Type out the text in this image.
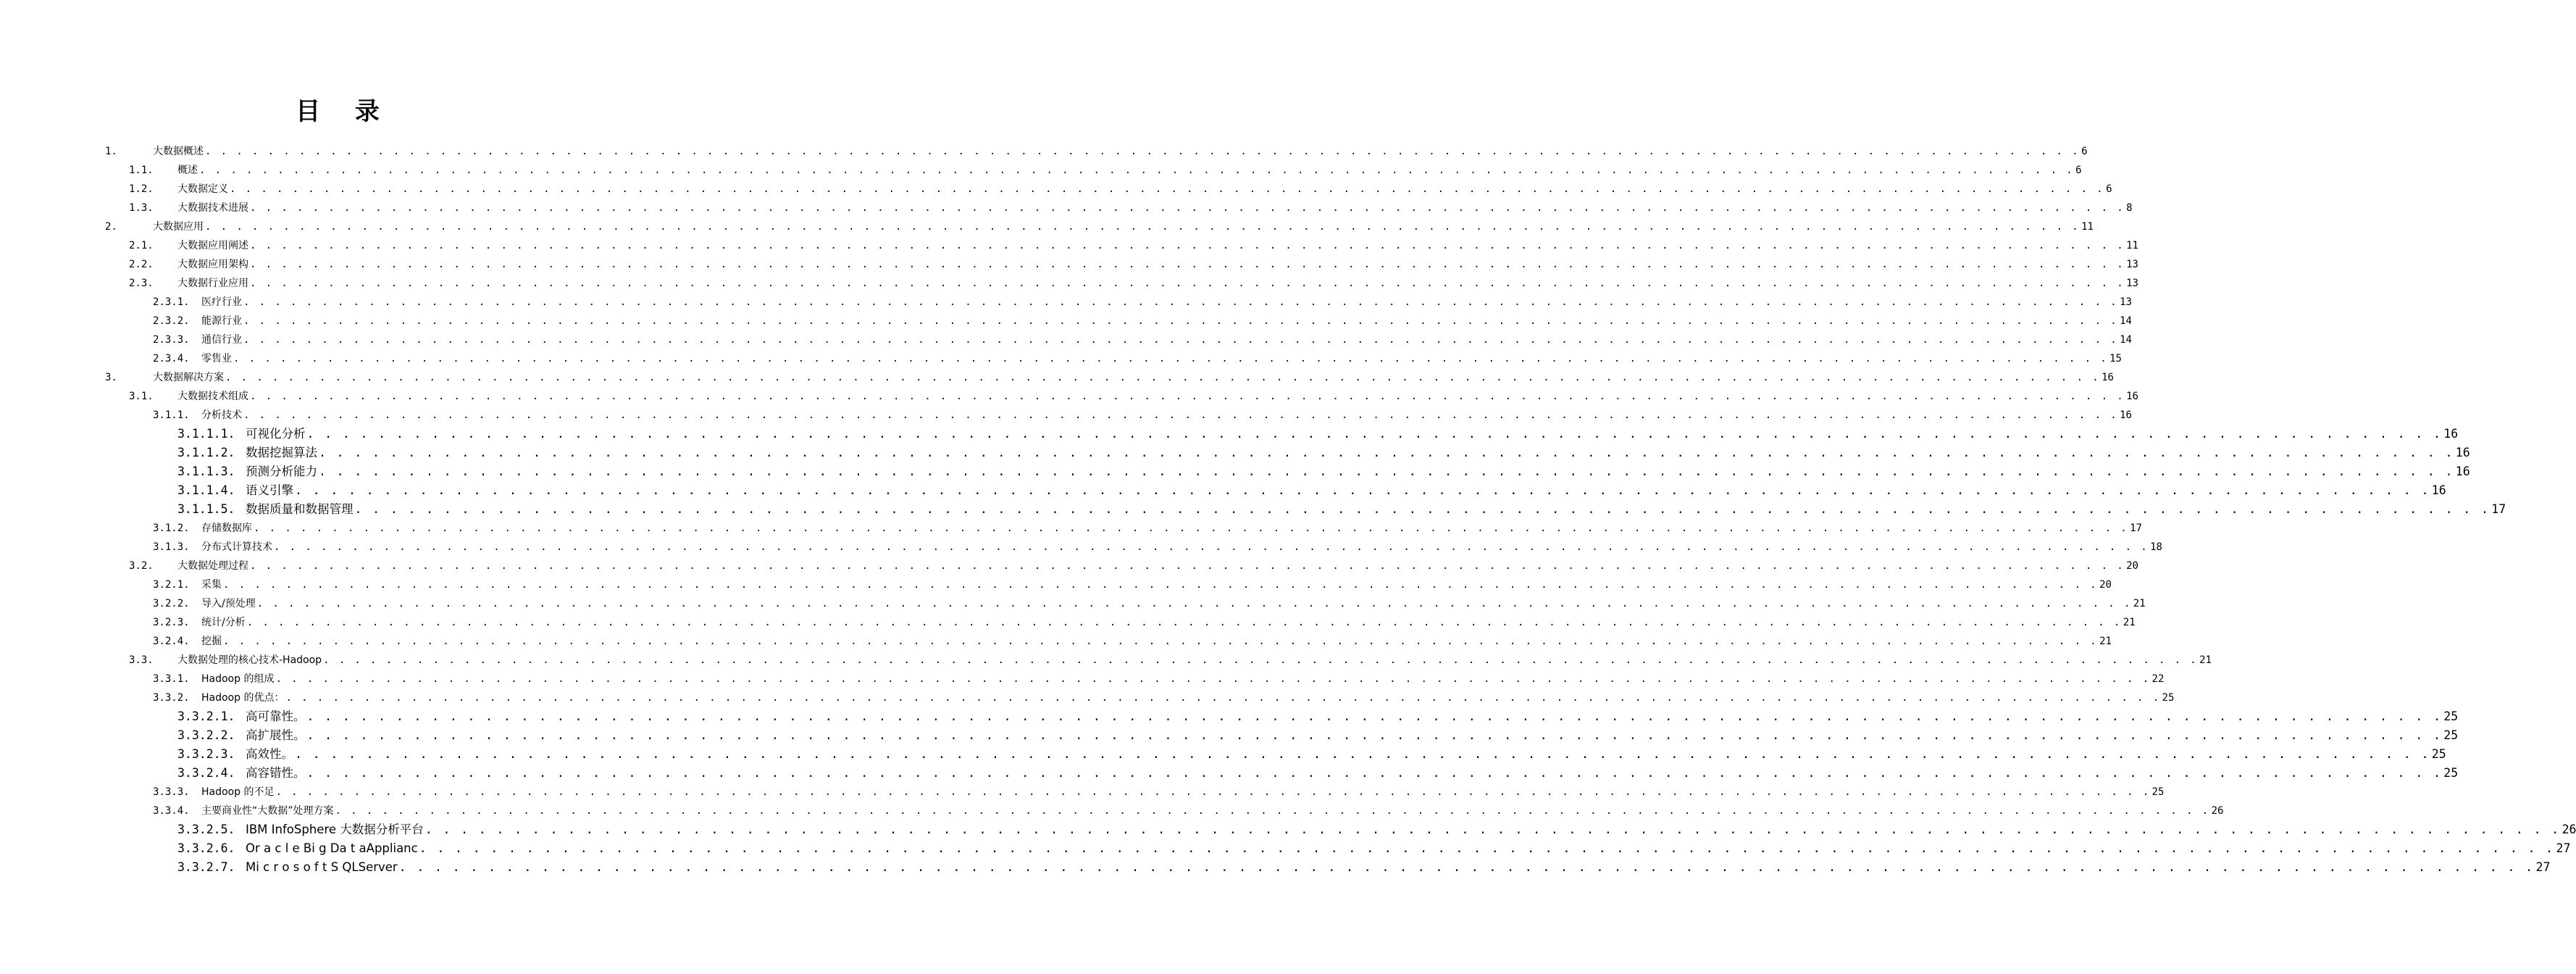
目 录
1.	大数据概述 . . . . . . . . . . . . . . . . . . . . . . . . . . . . . . . . . . . . . . . . . . . . . . . . . . . . . . . . . . . . . . . . . . . . . . . . . . . . . . . . . . . . . . . . . . . . . . . . . . . . . . . . . . . . . . . . . . . . . . . . 6
1.1.	概述 . . . . . . . . . . . . . . . . . . . . . . . . . . . . . . . . . . . . . . . . . . . . . . . . . . . . . . . . . . . . . . . . . . . . . . . . . . . . . . . . . . . . . . . . . . . . . . . . . . . . . . . . . . . . . . . . . . . . . . . . 6
1.2.	大数据定义 . . . . . . . . . . . . . . . . . . . . . . . . . . . . . . . . . . . . . . . . . . . . . . . . . . . . . . . . . . . . . . . . . . . . . . . . . . . . . . . . . . . . . . . . . . . . . . . . . . . . . . . . . . . . . . . . . . . . . . . . 6
1.3.	大数据技术进展 . . . . . . . . . . . . . . . . . . . . . . . . . . . . . . . . . . . . . . . . . . . . . . . . . . . . . . . . . . . . . . . . . . . . . . . . . . . . . . . . . . . . . . . . . . . . . . . . . . . . . . . . . . . . . . . . . . . . . . . . 8
2.	大数据应用 . . . . . . . . . . . . . . . . . . . . . . . . . . . . . . . . . . . . . . . . . . . . . . . . . . . . . . . . . . . . . . . . . . . . . . . . . . . . . . . . . . . . . . . . . . . . . . . . . . . . . . . . . . . . . . . . . . . . . . . . 11
2.1.	大数据应用阐述 . . . . . . . . . . . . . . . . . . . . . . . . . . . . . . . . . . . . . . . . . . . . . . . . . . . . . . . . . . . . . . . . . . . . . . . . . . . . . . . . . . . . . . . . . . . . . . . . . . . . . . . . . . . . . . . . . . . . . . . . 11
2.2.	大数据应用架构 . . . . . . . . . . . . . . . . . . . . . . . . . . . . . . . . . . . . . . . . . . . . . . . . . . . . . . . . . . . . . . . . . . . . . . . . . . . . . . . . . . . . . . . . . . . . . . . . . . . . . . . . . . . . . . . . . . . . . . . . 13
2.3.	大数据行业应用 . . . . . . . . . . . . . . . . . . . . . . . . . . . . . . . . . . . . . . . . . . . . . . . . . . . . . . . . . . . . . . . . . . . . . . . . . . . . . . . . . . . . . . . . . . . . . . . . . . . . . . . . . . . . . . . . . . . . . . . . 13
2.3.1.	医疗行业 . . . . . . . . . . . . . . . . . . . . . . . . . . . . . . . . . . . . . . . . . . . . . . . . . . . . . . . . . . . . . . . . . . . . . . . . . . . . . . . . . . . . . . . . . . . . . . . . . . . . . . . . . . . . . . . . . . . . . . . . 13
2.3.2.	能源行业 . . . . . . . . . . . . . . . . . . . . . . . . . . . . . . . . . . . . . . . . . . . . . . . . . . . . . . . . . . . . . . . . . . . . . . . . . . . . . . . . . . . . . . . . . . . . . . . . . . . . . . . . . . . . . . . . . . . . . . . . 14
2.3.3.	通信行业 . . . . . . . . . . . . . . . . . . . . . . . . . . . . . . . . . . . . . . . . . . . . . . . . . . . . . . . . . . . . . . . . . . . . . . . . . . . . . . . . . . . . . . . . . . . . . . . . . . . . . . . . . . . . . . . . . . . . . . . . 14
2.3.4.	零售业 . . . . . . . . . . . . . . . . . . . . . . . . . . . . . . . . . . . . . . . . . . . . . . . . . . . . . . . . . . . . . . . . . . . . . . . . . . . . . . . . . . . . . . . . . . . . . . . . . . . . . . . . . . . . . . . . . . . . . . . . 15
3.	大数据解决方案 . . . . . . . . . . . . . . . . . . . . . . . . . . . . . . . . . . . . . . . . . . . . . . . . . . . . . . . . . . . . . . . . . . . . . . . . . . . . . . . . . . . . . . . . . . . . . . . . . . . . . . . . . . . . . . . . . . . . . . . . 16
3.1.	大数据技术组成 . . . . . . . . . . . . . . . . . . . . . . . . . . . . . . . . . . . . . . . . . . . . . . . . . . . . . . . . . . . . . . . . . . . . . . . . . . . . . . . . . . . . . . . . . . . . . . . . . . . . . . . . . . . . . . . . . . . . . . . . 16
3.1.1.	分析技术 . . . . . . . . . . . . . . . . . . . . . . . . . . . . . . . . . . . . . . . . . . . . . . . . . . . . . . . . . . . . . . . . . . . . . . . . . . . . . . . . . . . . . . . . . . . . . . . . . . . . . . . . . . . . . . . . . . . . . . . . 16
3.1.1.1. 可视化分析 . . . . . . . . . . . . . . . . . . . . . . . . . . . . . . . . . . . . . . . . . . . . . . . . . . . . . . . . . . . . . . . . . . . . . . . . . . . . . . . . . . . . . . . . . . . . . . . . . . . . . . . . . . . . . . . . . . . . . . . . 16
3.1.1.2. 数据挖掘算法 . . . . . . . . . . . . . . . . . . . . . . . . . . . . . . . . . . . . . . . . . . . . . . . . . . . . . . . . . . . . . . . . . . . . . . . . . . . . . . . . . . . . . . . . . . . . . . . . . . . . . . . . . . . . . . . . . . . . . . . . 16
3.1.1.3. 预测分析能力 . . . . . . . . . . . . . . . . . . . . . . . . . . . . . . . . . . . . . . . . . . . . . . . . . . . . . . . . . . . . . . . . . . . . . . . . . . . . . . . . . . . . . . . . . . . . . . . . . . . . . . . . . . . . . . . . . . . . . . . . 16
3.1.1.4. 语义引擎 . . . . . . . . . . . . . . . . . . . . . . . . . . . . . . . . . . . . . . . . . . . . . . . . . . . . . . . . . . . . . . . . . . . . . . . . . . . . . . . . . . . . . . . . . . . . . . . . . . . . . . . . . . . . . . . . . . . . . . . . 16
3.1.1.5. 数据质量和数据管理 . . . . . . . . . . . . . . . . . . . . . . . . . . . . . . . . . . . . . . . . . . . . . . . . . . . . . . . . . . . . . . . . . . . . . . . . . . . . . . . . . . . . . . . . . . . . . . . . . . . . . . . . . . . . . . . . . . . . . . . . 17
3.1.2.	存储数据库 . . . . . . . . . . . . . . . . . . . . . . . . . . . . . . . . . . . . . . . . . . . . . . . . . . . . . . . . . . . . . . . . . . . . . . . . . . . . . . . . . . . . . . . . . . . . . . . . . . . . . . . . . . . . . . . . . . . . . . . . 17
3.1.3.	分布式计算技术 . . . . . . . . . . . . . . . . . . . . . . . . . . . . . . . . . . . . . . . . . . . . . . . . . . . . . . . . . . . . . . . . . . . . . . . . . . . . . . . . . . . . . . . . . . . . . . . . . . . . . . . . . . . . . . . . . . . . . . . . 18
3.2.	大数据处理过程 . . . . . . . . . . . . . . . . . . . . . . . . . . . . . . . . . . . . . . . . . . . . . . . . . . . . . . . . . . . . . . . . . . . . . . . . . . . . . . . . . . . . . . . . . . . . . . . . . . . . . . . . . . . . . . . . . . . . . . . . 20
3.2.1.	采集 . . . . . . . . . . . . . . . . . . . . . . . . . . . . . . . . . . . . . . . . . . . . . . . . . . . . . . . . . . . . . . . . . . . . . . . . . . . . . . . . . . . . . . . . . . . . . . . . . . . . . . . . . . . . . . . . . . . . . . . . 20
3.2.2.	导入/预处理 . . . . . . . . . . . . . . . . . . . . . . . . . . . . . . . . . . . . . . . . . . . . . . . . . . . . . . . . . . . . . . . . . . . . . . . . . . . . . . . . . . . . . . . . . . . . . . . . . . . . . . . . . . . . . . . . . . . . . . . . 21
3.2.3.	统计/分析 . . . . . . . . . . . . . . . . . . . . . . . . . . . . . . . . . . . . . . . . . . . . . . . . . . . . . . . . . . . . . . . . . . . . . . . . . . . . . . . . . . . . . . . . . . . . . . . . . . . . . . . . . . . . . . . . . . . . . . . . 21
3.2.4.	挖掘 . . . . . . . . . . . . . . . . . . . . . . . . . . . . . . . . . . . . . . . . . . . . . . . . . . . . . . . . . . . . . . . . . . . . . . . . . . . . . . . . . . . . . . . . . . . . . . . . . . . . . . . . . . . . . . . . . . . . . . . . 21
3.3.	大数据处理的核心技术-Hadoop . . . . . . . . . . . . . . . . . . . . . . . . . . . . . . . . . . . . . . . . . . . . . . . . . . . . . . . . . . . . . . . . . . . . . . . . . . . . . . . . . . . . . . . . . . . . . . . . . . . . . . . . . . . . . . . . . . . . . . . . 21
3.3.1.	Hadoop 的组成 . . . . . . . . . . . . . . . . . . . . . . . . . . . . . . . . . . . . . . . . . . . . . . . . . . . . . . . . . . . . . . . . . . . . . . . . . . . . . . . . . . . . . . . . . . . . . . . . . . . . . . . . . . . . . . . . . . . . . . . . 22
3.3.2.	Hadoop 的优点： . . . . . . . . . . . . . . . . . . . . . . . . . . . . . . . . . . . . . . . . . . . . . . . . . . . . . . . . . . . . . . . . . . . . . . . . . . . . . . . . . . . . . . . . . . . . . . . . . . . . . . . . . . . . . . . . . . . . . . . . 25
3.3.2.1. 高可靠性。 . . . . . . . . . . . . . . . . . . . . . . . . . . . . . . . . . . . . . . . . . . . . . . . . . . . . . . . . . . . . . . . . . . . . . . . . . . . . . . . . . . . . . . . . . . . . . . . . . . . . . . . . . . . . . . . . . . . . . . . . 25
3.3.2.2. 高扩展性。 . . . . . . . . . . . . . . . . . . . . . . . . . . . . . . . . . . . . . . . . . . . . . . . . . . . . . . . . . . . . . . . . . . . . . . . . . . . . . . . . . . . . . . . . . . . . . . . . . . . . . . . . . . . . . . . . . . . . . . . . 25
3.3.2.3. 高效性。 . . . . . . . . . . . . . . . . . . . . . . . . . . . . . . . . . . . . . . . . . . . . . . . . . . . . . . . . . . . . . . . . . . . . . . . . . . . . . . . . . . . . . . . . . . . . . . . . . . . . . . . . . . . . . . . . . . . . . . . . 25
3.3.2.4. 高容错性。 . . . . . . . . . . . . . . . . . . . . . . . . . . . . . . . . . . . . . . . . . . . . . . . . . . . . . . . . . . . . . . . . . . . . . . . . . . . . . . . . . . . . . . . . . . . . . . . . . . . . . . . . . . . . . . . . . . . . . . . . 25
3.3.3.	Hadoop 的不足 . . . . . . . . . . . . . . . . . . . . . . . . . . . . . . . . . . . . . . . . . . . . . . . . . . . . . . . . . . . . . . . . . . . . . . . . . . . . . . . . . . . . . . . . . . . . . . . . . . . . . . . . . . . . . . . . . . . . . . . . 25
3.3.4.	主要商业性“大数据”处理方案 . . . . . . . . . . . . . . . . . . . . . . . . . . . . . . . . . . . . . . . . . . . . . . . . . . . . . . . . . . . . . . . . . . . . . . . . . . . . . . . . . . . . . . . . . . . . . . . . . . . . . . . . . . . . . . . . . . . . . . . . 26
3.3.2.5. IBM InfoSphere 大数据分析平台 . . . . . . . . . . . . . . . . . . . . . . . . . . . . . . . . . . . . . . . . . . . . . . . . . . . . . . . . . . . . . . . . . . . . . . . . . . . . . . . . . . . . . . . . . . . . . . . . . . . . . . . . . . . . . . . . . . . . . . . . 26
3.3.2.6. Or a c l e Bi g Da t aApplianc . . . . . . . . . . . . . . . . . . . . . . . . . . . . . . . . . . . . . . . . . . . . . . . . . . . . . . . . . . . . . . . . . . . . . . . . . . . . . . . . . . . . . . . . . . . . . . . . . . . . . . . . . . . . . . . . . . . . . . . . 27
3.3.2.7. Mi c r o s o f t S QLServer . . . . . . . . . . . . . . . . . . . . . . . . . . . . . . . . . . . . . . . . . . . . . . . . . . . . . . . . . . . . . . . . . . . . . . . . . . . . . . . . . . . . . . . . . . . . . . . . . . . . . . . . . . . . . . . . . . . . . . . . 27
